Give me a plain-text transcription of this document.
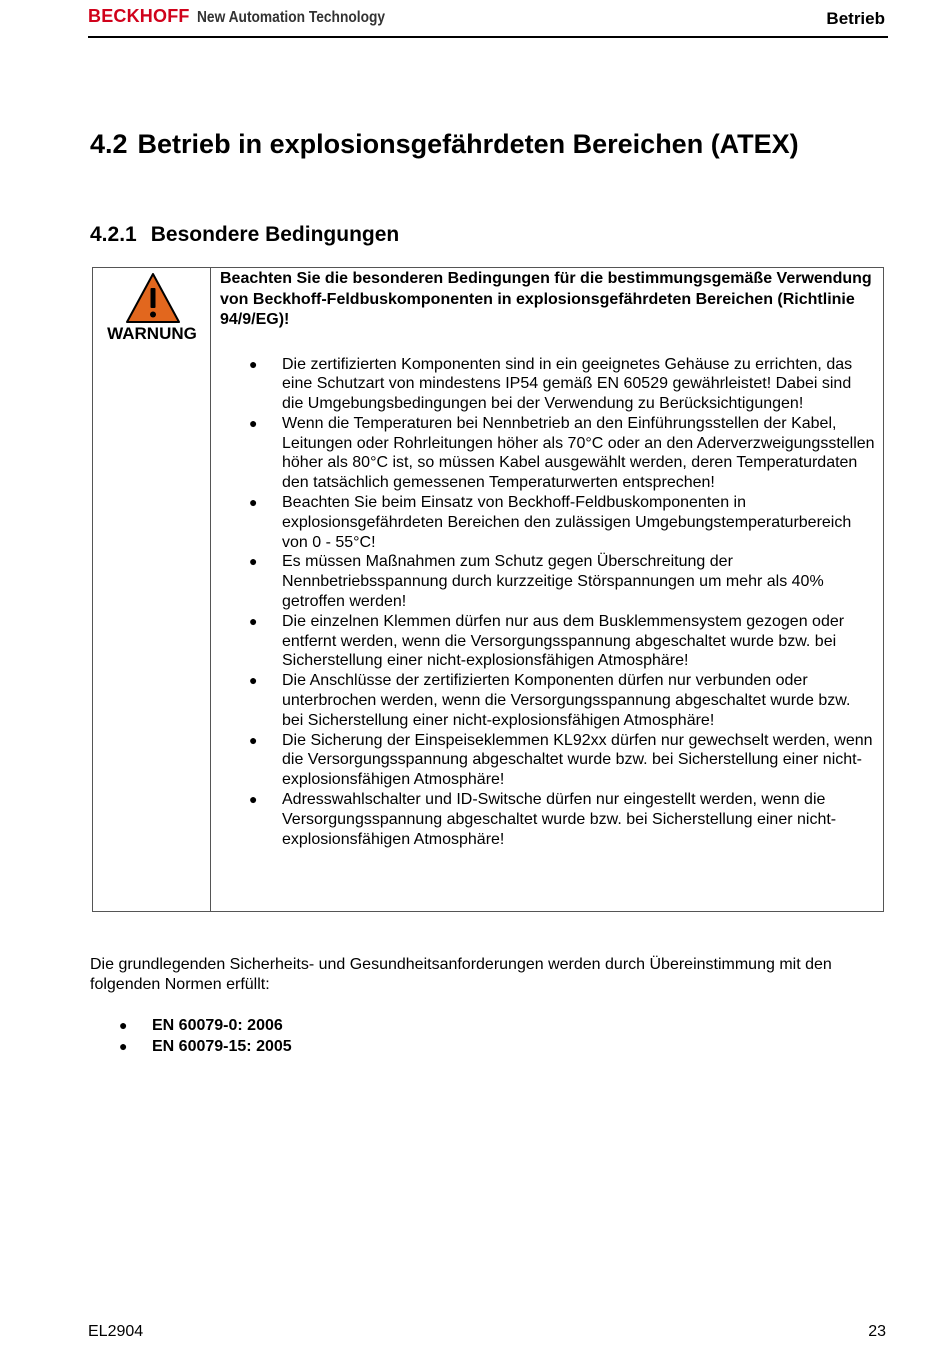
BECKHOFF New Automation Technology	Betrieb
4.2 Betrieb in explosionsgefährdeten Bereichen (ATEX)
4.2.1 Besondere Bedingungen
WARNUNG

Beachten Sie die besonderen Bedingungen für die bestimmungsgemäße Verwendung von Beckhoff-Feldbuskomponenten in explosionsgefährdeten Bereichen (Richtlinie 94/9/EG)!

● Die zertifizierten Komponenten sind in ein geeignetes Gehäuse zu errichten, das eine Schutzart von mindestens IP54 gemäß EN 60529 gewährleistet! Dabei sind die Umgebungsbedingungen bei der Verwendung zu Berücksichtigungen!
● Wenn die Temperaturen bei Nennbetrieb an den Einführungsstellen der Kabel, Leitungen oder Rohrleitungen höher als 70°C oder an den Aderverzweigungsstellen höher als 80°C ist, so müssen Kabel ausgewählt werden, deren Temperaturdaten den tatsächlich gemessenen Temperaturwerten entsprechen!
● Beachten Sie beim Einsatz von Beckhoff-Feldbuskomponenten in explosionsgefährdeten Bereichen den zulässigen Umgebungstemperaturbereich von 0 - 55°C!
● Es müssen Maßnahmen zum Schutz gegen Überschreitung der Nennbetriebsspannung durch kurzzeitige Störspannungen um mehr als 40% getroffen werden!
● Die einzelnen Klemmen dürfen nur aus dem Busklemmensystem gezogen oder entfernt werden, wenn die Versorgungsspannung abgeschaltet wurde bzw. bei Sicherstellung einer nicht-explosionsfähigen Atmosphäre!
● Die Anschlüsse der zertifizierten Komponenten dürfen nur verbunden oder unterbrochen werden, wenn die Versorgungsspannung abgeschaltet wurde bzw. bei Sicherstellung einer nicht-explosionsfähigen Atmosphäre!
● Die Sicherung der Einspeiseklemmen KL92xx dürfen nur gewechselt werden, wenn die Versorgungsspannung abgeschaltet wurde bzw. bei Sicherstellung einer nicht-explosionsfähigen Atmosphäre!
● Adresswahlschalter und ID-Switsche dürfen nur eingestellt werden, wenn die Versorgungsspannung abgeschaltet wurde bzw. bei Sicherstellung einer nicht-explosionsfähigen Atmosphäre!

Die grundlegenden Sicherheits- und Gesundheitsanforderungen werden durch Übereinstimmung mit den folgenden Normen erfüllt:

● EN 60079-0: 2006
● EN 60079-15: 2005
EL2904	23
